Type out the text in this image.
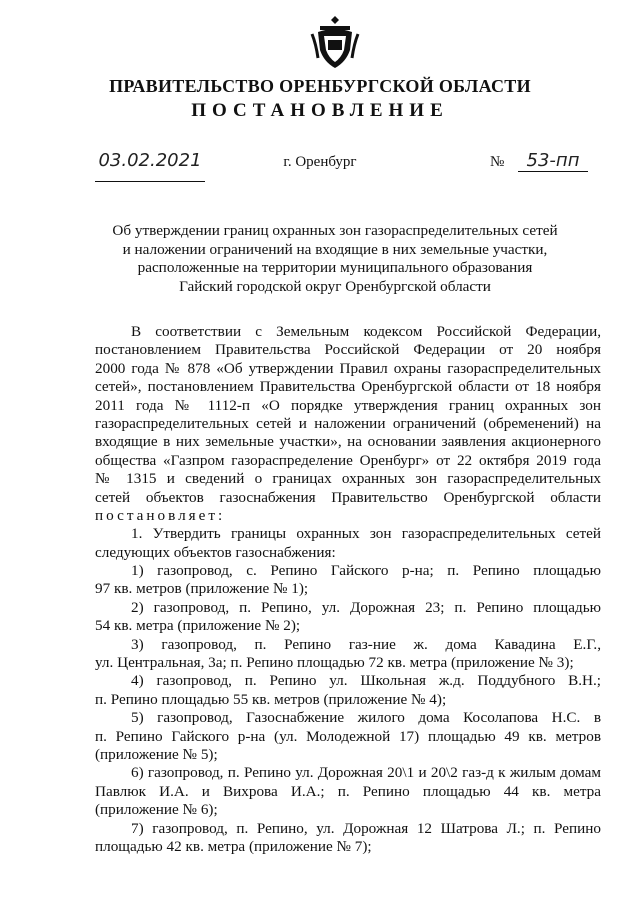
ПРАВИТЕЛЬСТВО ОРЕНБУРГСКОЙ ОБЛАСТИ
ПОСТАНОВЛЕНИЕ
03.02.2021	г. Оренбург	№	53-пп
Об утверждении границ охранных зон газораспределительных сетей
и наложении ограничений на входящие в них земельные участки,
расположенные на территории муниципального образования
Гайский городской округ Оренбургской области
В соответствии с Земельным кодексом Российской Федерации,
постановлением Правительства Российской Федерации от 20 ноября
2000 года № 878 «Об утверждении Правил охраны газораспределительных
сетей», постановлением Правительства Оренбургской области от 18 ноября
2011 года № 1112-п «О порядке утверждения границ охранных зон
газораспределительных сетей и наложении ограничений (обременений) на
входящие в них земельные участки», на основании заявления акционерного
общества «Газпром газораспределение Оренбург» от 22 октября 2019 года
№ 1315 и сведений о границах охранных зон газораспределительных
сетей объектов газоснабжения Правительство Оренбургской области
постановляет:
1. Утвердить границы охранных зон газораспределительных сетей
следующих объектов газоснабжения:
1) газопровод, с. Репино Гайского р-на; п. Репино площадью
97 кв. метров (приложение № 1);
2) газопровод, п. Репино, ул. Дорожная 23; п. Репино площадью
54 кв. метра (приложение № 2);
3) газопровод, п. Репино газ-ние ж. дома Кавадина Е.Г.,
ул. Центральная, 3а; п. Репино площадью 72 кв. метра (приложение № 3);
4) газопровод, п. Репино ул. Школьная ж.д. Поддубного В.Н.;
п. Репино площадью 55 кв. метров (приложение № 4);
5) газопровод, Газоснабжение жилого дома Косолапова Н.С. в
п. Репино Гайского р-на (ул. Молодежной 17) площадью 49 кв. метров
(приложение № 5);
6) газопровод, п. Репино ул. Дорожная 20\1 и 20\2 газ-д к жилым домам
Павлюк И.А. и Вихрова И.А.; п. Репино площадью 44 кв. метра
(приложение № 6);
7) газопровод, п. Репино, ул. Дорожная 12 Шатрова Л.; п. Репино
площадью 42 кв. метра (приложение № 7);
